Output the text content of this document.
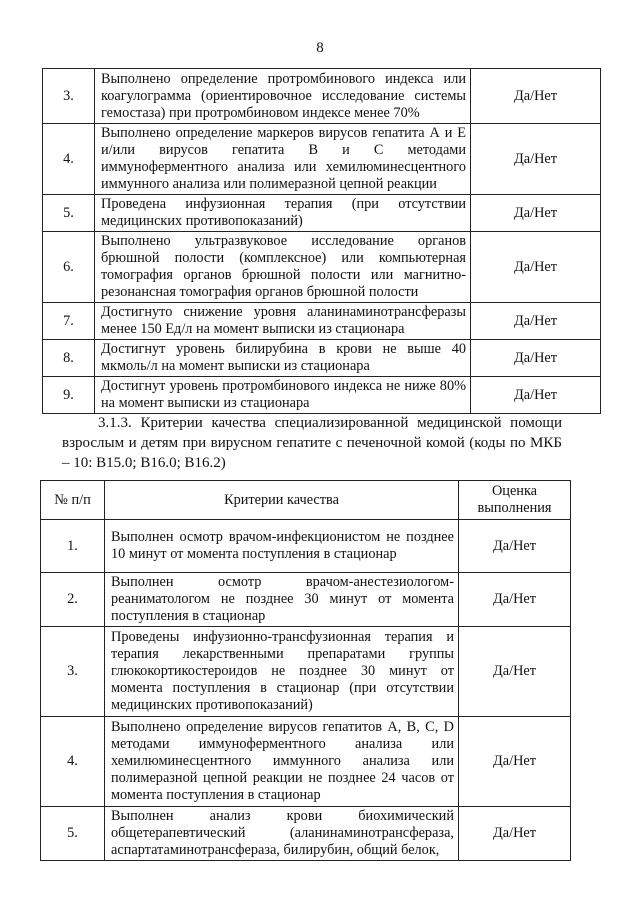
8
3.	Выполнено определение протромбинового индекса или коагулограмма (ориентировочное исследование системы гемостаза) при протромбиновом индексе менее 70%	Да/Нет
4.	Выполнено определение маркеров вирусов гепатита А и Е и/или вирусов гепатита В и С методами иммуноферментного анализа или хемилюминесцентного иммунного анализа или полимеразной цепной реакции	Да/Нет
5.	Проведена инфузионная терапия (при отсутствии медицинских противопоказаний)	Да/Нет
6.	Выполнено ультразвуковое исследование органов брюшной полости (комплексное) или компьютерная томография органов брюшной полости или магнитно-резонансная томография органов брюшной полости	Да/Нет
7.	Достигнуто снижение уровня аланинаминотрансферазы менее 150 Ед/л на момент выписки из стационара	Да/Нет
8.	Достигнут уровень билирубина в крови не выше 40 мкмоль/л на момент выписки из стационара	Да/Нет
9.	Достигнут уровень протромбинового индекса не ниже 80% на момент выписки из стационара	Да/Нет
3.1.3. Критерии качества специализированной медицинской помощи взрослым и детям при вирусном гепатите с печеночной комой (коды по МКБ – 10: B15.0; B16.0; B16.2)
№ п/п	Критерии качества	Оценка выполнения
1.	Выполнен осмотр врачом-инфекционистом не позднее 10 минут от момента поступления в стационар	Да/Нет
2.	Выполнен осмотр врачом-анестезиологом-реаниматологом не позднее 30 минут от момента поступления в стационар	Да/Нет
3.	Проведены инфузионно-трансфузионная терапия и терапия лекарственными препаратами группы глюкокортикостероидов не позднее 30 минут от момента поступления в стационар (при отсутствии медицинских противопоказаний)	Да/Нет
4.	Выполнено определение вирусов гепатитов А, В, С, D методами иммуноферментного анализа или хемилюминесцентного иммунного анализа или полимеразной цепной реакции не позднее 24 часов от момента поступления в стационар	Да/Нет
5.	Выполнен анализ крови биохимический общетерапевтический (аланинаминотрансфераза, аспартатаминотрансфераза, билирубин, общий белок,	Да/Нет
